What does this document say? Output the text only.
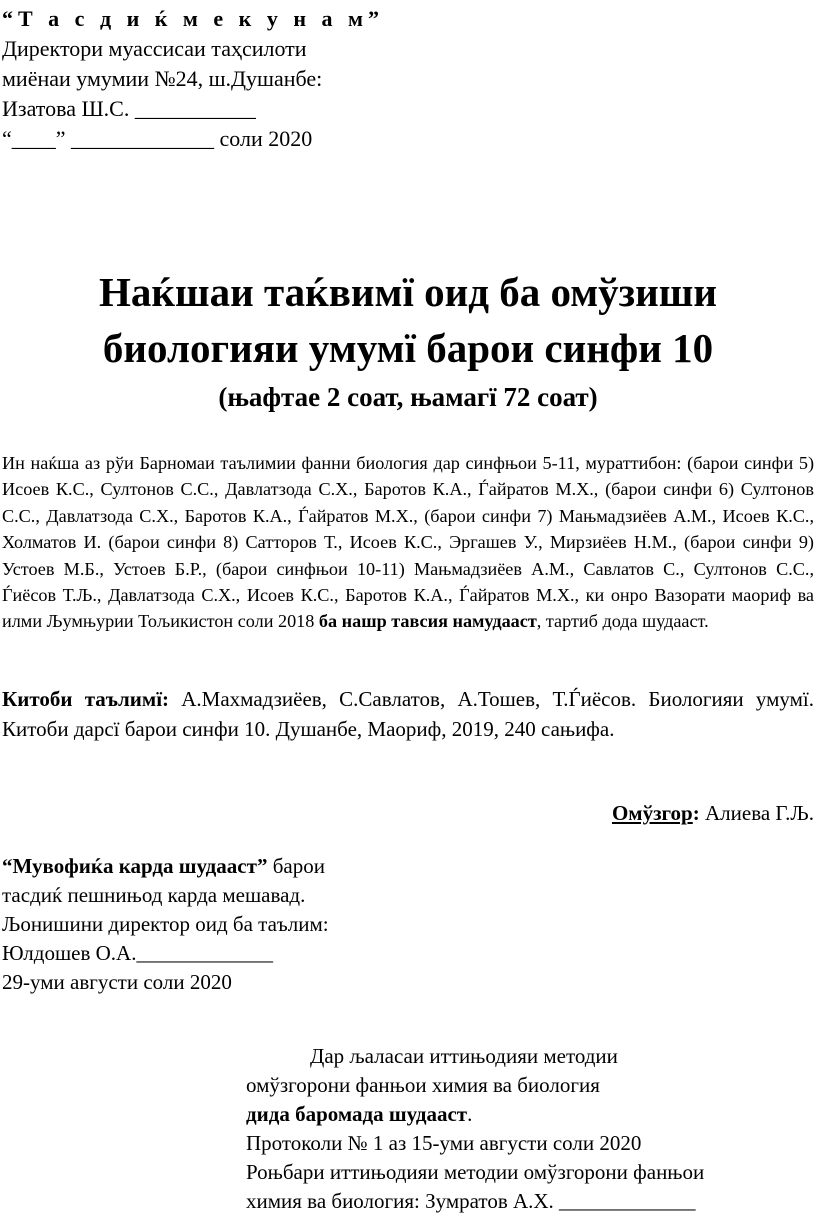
“Т а с д и ќ м е к у н а м”
Директори муассисаи таҳсилоти
миёнаи умумии №24, ш.Душанбе:
Изатова Ш.С. ___________
“____” _____________ соли 2020
Наќшаи таќвимї оид ба омўзиши
биологияи умумї барои синфи 10
(њафтае 2 соат, њамагї 72 соат)
Ин наќша аз рўи Барномаи таълимии фанни биология дар синфњои 5-11, мураттибон: (барои синфи 5) Исоев К.С., Султонов С.С., Давлатзода С.Х., Баротов К.А., Ѓайратов М.Х., (барои синфи 6) Султонов С.С., Давлатзода С.Х., Баротов К.А., Ѓайратов М.Х., (барои синфи 7) Мањмадзиёев А.М., Исоев К.С., Холматов И. (барои синфи 8) Сатторов Т., Исоев К.С., Эргашев У., Мирзиёев Н.М., (барои синфи 9) Устоев М.Б., Устоев Б.Р., (барои синфњои 10-11) Мањмадзиёев А.М., Савлатов С., Султонов С.С., Ѓиёсов Т.Љ., Давлатзода С.Х., Исоев К.С., Баротов К.А., Ѓайратов М.Х., ки онро Вазорати маориф ва илми Љумњурии Тољикистон соли 2018 ба нашр тавсия намудааст, тартиб дода шудааст.
Китоби таълимї: А.Махмадзиёев, С.Савлатов, А.Тошев, Т.Ѓиёсов. Биологияи умумї. Китоби дарсї барои синфи 10. Душанбе, Маориф, 2019, 240 сањифа.
Омўзгор: Алиева Г.Љ.
“Мувофиќа карда шудааст” барои
тасдиќ пешнињод карда мешавад.
Љонишини директор оид ба таълим:
Юлдошев О.А._____________
29-уми августи соли 2020
Дар љаласаи иттињодияи методии
омўзгорони фанњои химия ва биология
дида баромада шудааст.
Протоколи № 1 аз 15-уми августи соли 2020
Роњбари иттињодияи методии омўзгорони фанњои
химия ва биология: Зумратов А.Х. _____________
